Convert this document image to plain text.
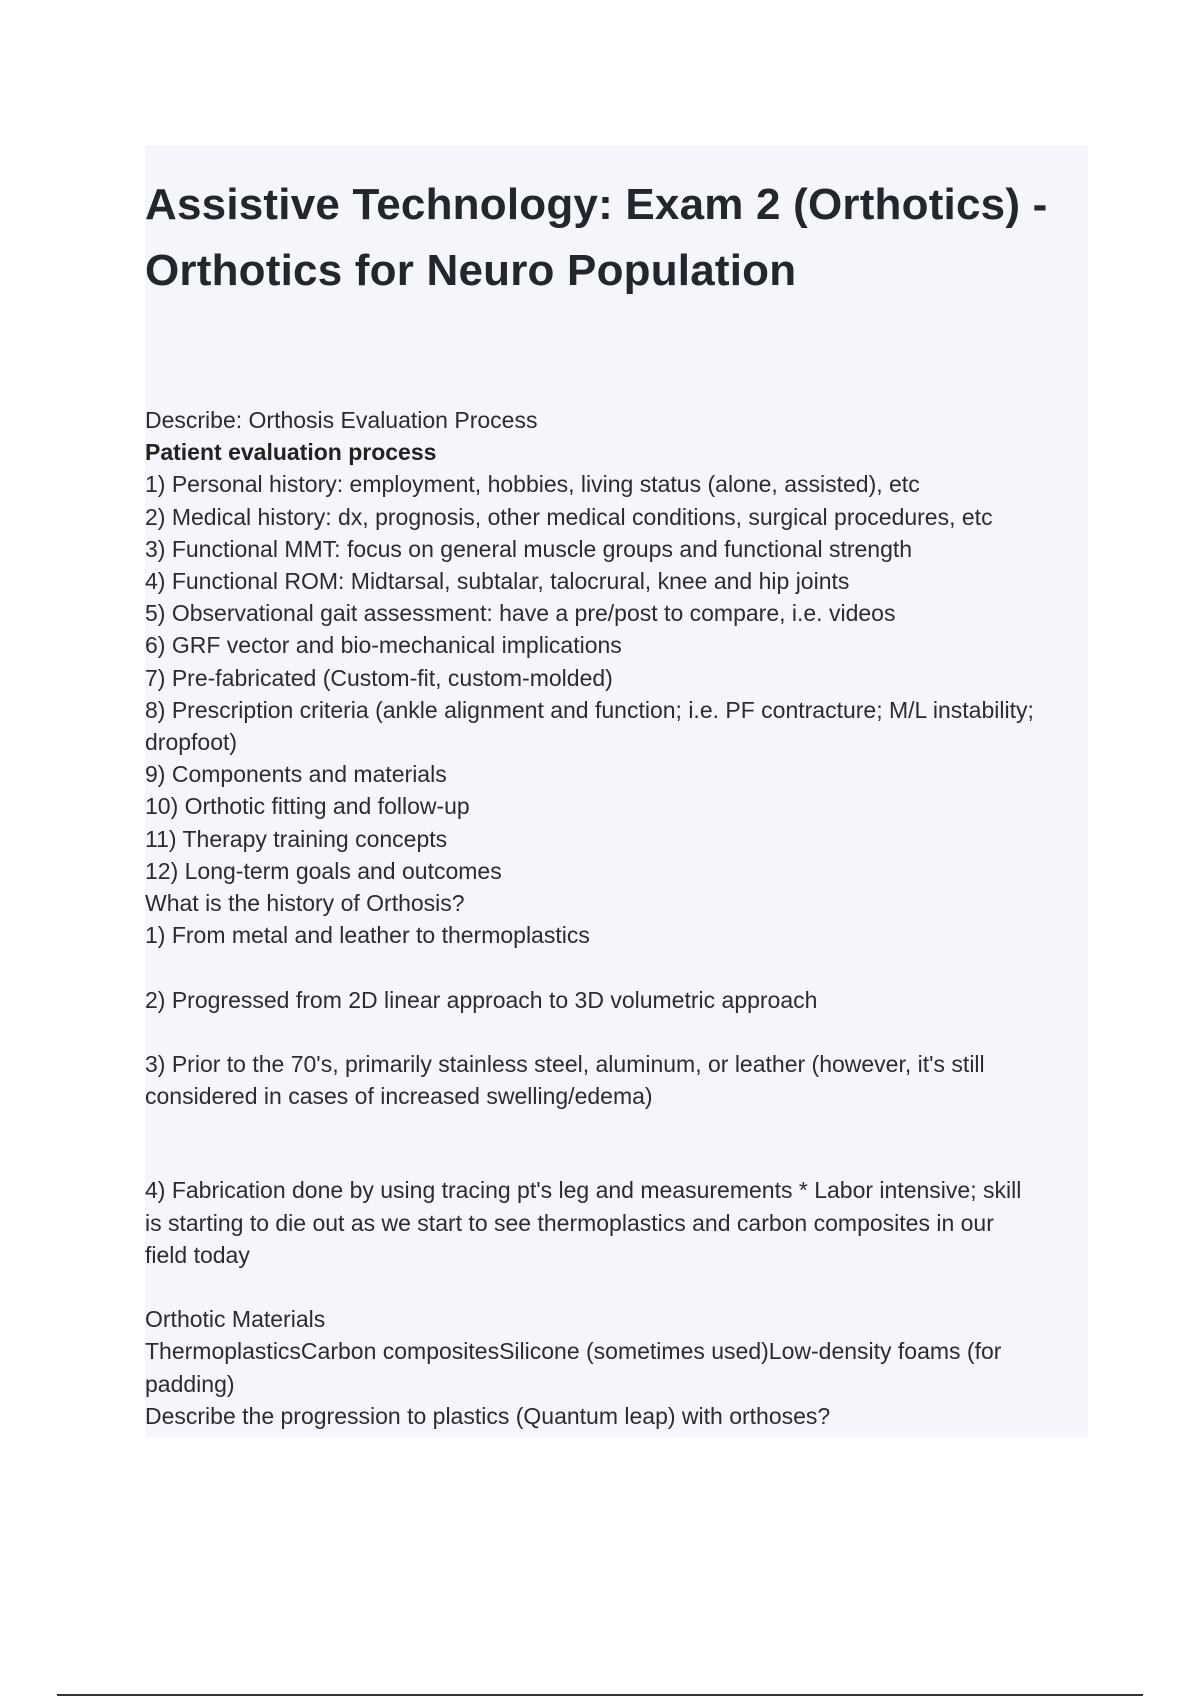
Assistive Technology: Exam 2 (Orthotics) -
Orthotics for Neuro Population
Describe: Orthosis Evaluation Process
Patient evaluation process
1) Personal history: employment, hobbies, living status (alone, assisted), etc
2) Medical history: dx, prognosis, other medical conditions, surgical procedures, etc
3) Functional MMT: focus on general muscle groups and functional strength
4) Functional ROM: Midtarsal, subtalar, talocrural, knee and hip joints
5) Observational gait assessment: have a pre/post to compare, i.e. videos
6) GRF vector and bio-mechanical implications
7) Pre-fabricated (Custom-fit, custom-molded)
8) Prescription criteria (ankle alignment and function; i.e. PF contracture; M/L instability;
dropfoot)
9) Components and materials
10) Orthotic fitting and follow-up
11) Therapy training concepts
12) Long-term goals and outcomes
What is the history of Orthosis?
1) From metal and leather to thermoplastics
2) Progressed from 2D linear approach to 3D volumetric approach
3) Prior to the 70's, primarily stainless steel, aluminum, or leather (however, it's still
considered in cases of increased swelling/edema)
4) Fabrication done by using tracing pt's leg and measurements * Labor intensive; skill
is starting to die out as we start to see thermoplastics and carbon composites in our
field today
Orthotic Materials
ThermoplasticsCarbon compositesSilicone (sometimes used)Low-density foams (for
padding)
Describe the progression to plastics (Quantum leap) with orthoses?
